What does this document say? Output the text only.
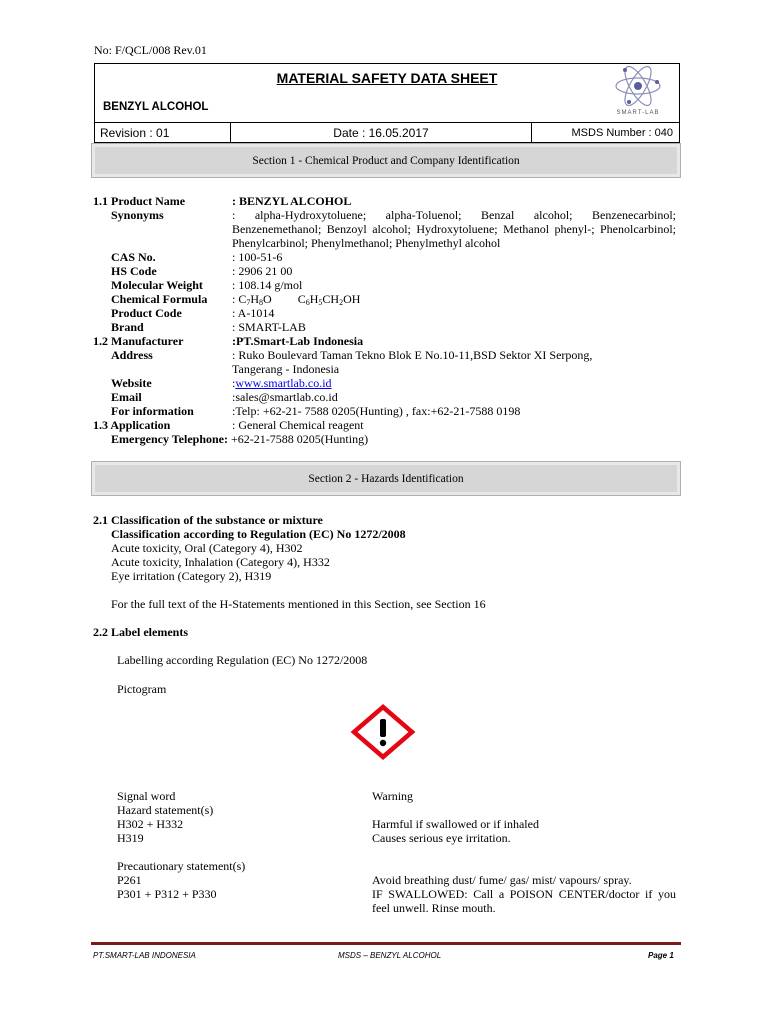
No: F/QCL/008 Rev.01
MATERIAL SAFETY DATA SHEET
BENZYL ALCOHOL	SMART-LAB
Revision : 01	Date : 16.05.2017	MSDS Number : 040
Section 1 - Chemical Product and Company Identification
1.1 Product Name	: BENZYL ALCOHOL
Synonyms	: alpha-Hydroxytoluene; alpha-Toluenol; Benzal alcohol; Benzenecarbinol; Benzenemethanol; Benzoyl alcohol; Hydroxytoluene; Methanol phenyl-; Phenolcarbinol; Phenylcarbinol; Phenylmethanol; Phenylmethyl alcohol
CAS No.	: 100-51-6
HS Code	: 2906 21 00
Molecular Weight : 108.14 g/mol
Chemical Formula : $C_7H_8O$ $C_6H_5CH_2OH$
Product Code	: A-1014
Brand	: SMART-LAB
1.2 Manufacturer	:PT.Smart-Lab Indonesia
Address	: Ruko Boulevard Taman Tekno Blok E No.10-11,BSD Sektor XI Serpong,
Tangerang - Indonesia
Website	:www.smartlab.co.id
Email	:sales@smartlab.co.id
For information	:Telp: +62-21- 7588 0205(Hunting) , fax:+62-21-7588 0198
1.3 Application	: General Chemical reagent
Emergency Telephone: +62-21-7588 0205(Hunting)
Section 2 - Hazards Identification
2.1 Classification of the substance or mixture
Classification according to Regulation (EC) No 1272/2008
Acute toxicity, Oral (Category 4), H302
Acute toxicity, Inhalation (Category 4), H332
Eye irritation (Category 2), H319
For the full text of the H-Statements mentioned in this Section, see Section 16
2.2 Label elements
Labelling according Regulation (EC) No 1272/2008
Pictogram
Signal word	Warning
Hazard statement(s)
H302 + H332	Harmful if swallowed or if inhaled
H319	Causes serious eye irritation.
Precautionary statement(s)
P261	Avoid breathing dust/ fume/ gas/ mist/ vapours/ spray.
P301 + P312 + P330	IF SWALLOWED: Call a POISON CENTER/doctor if you feel unwell. Rinse mouth.
PT.SMART-LAB INDONESIA	MSDS – BENZYL ALCOHOL	Page 1
